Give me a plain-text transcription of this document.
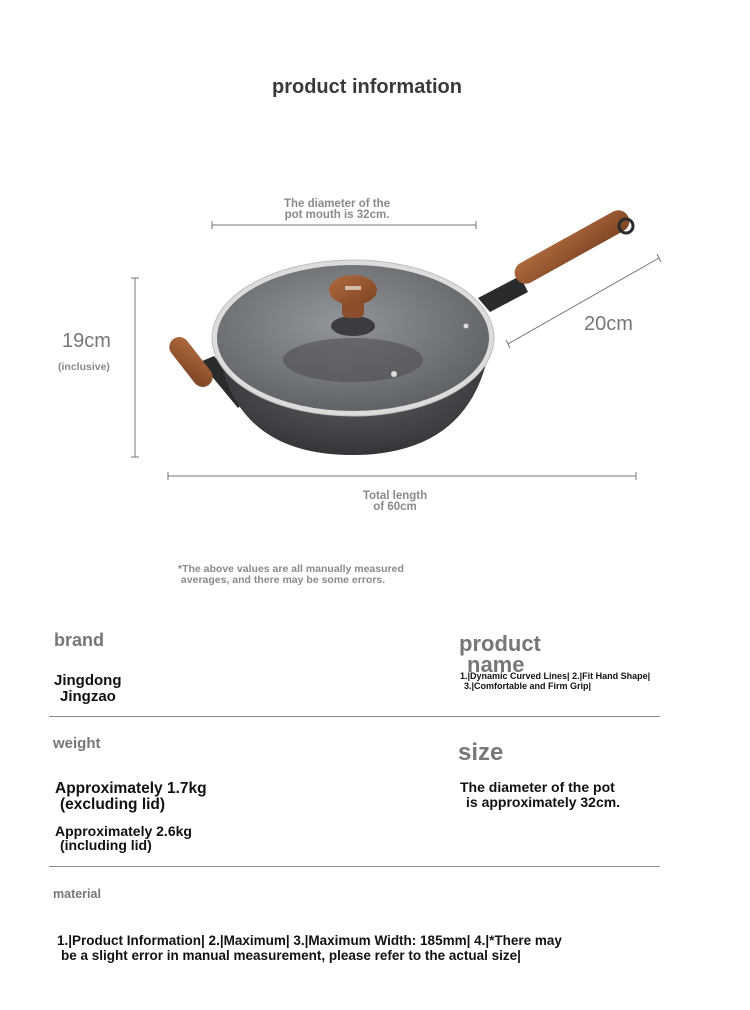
product information
The diameter of the
pot mouth is 32cm.
19cm
(inclusive)
20cm
Total length
of 60cm
*The above values are all manually measured
averages, and there may be some errors.
brand
Jingdong
Jingzao
product
name
1.|Dynamic Curved Lines| 2.|Fit Hand Shape|
3.|Comfortable and Firm Grip|
weight
Approximately 1.7kg
(excluding lid)
Approximately 2.6kg
(including lid)
size
The diameter of the pot
is approximately 32cm.
material
1.|Product Information| 2.|Maximum| 3.|Maximum Width: 185mm| 4.|*There may
be a slight error in manual measurement, please refer to the actual size|
